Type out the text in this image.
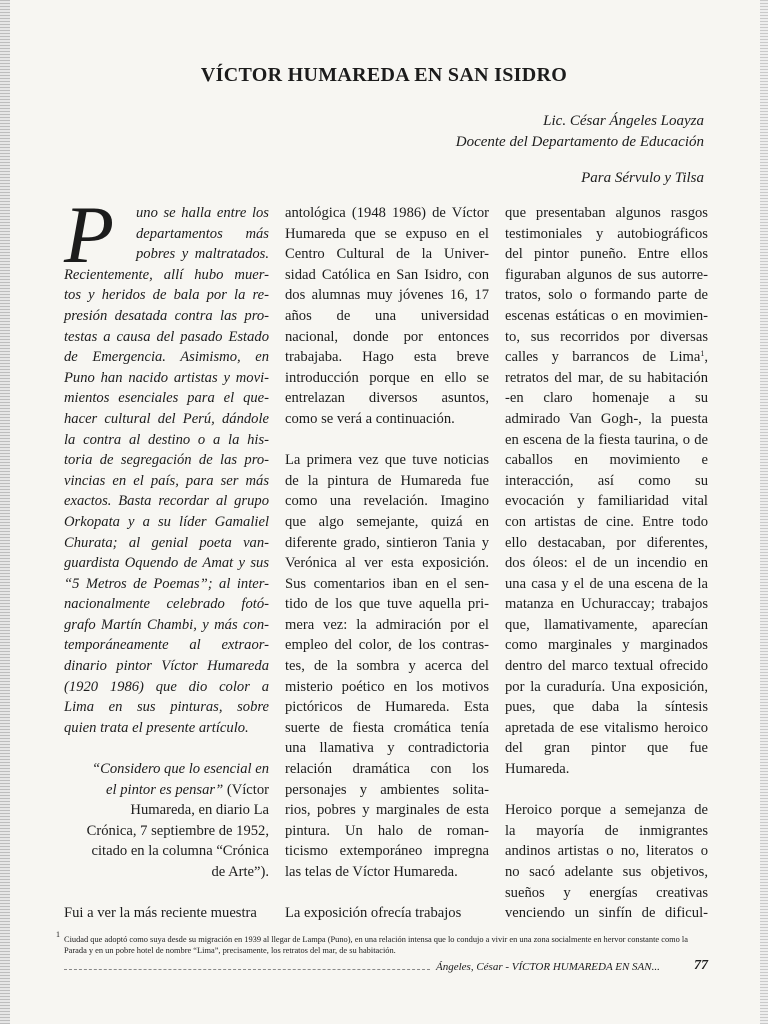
VÍCTOR HUMAREDA EN SAN ISIDRO
Lic. César Ángeles Loayza
Docente del Departamento de Educación
Para Sérvulo y Tilsa
P	uno se halla entre los
departamentos más
pobres y maltratados.
Recientemente, allí hubo muer-
tos y heridos de bala por la re-
presión desatada contra las pro-
testas a causa del pasado Estado
de Emergencia. Asimismo, en
Puno han nacido artistas y movi-
mientos esenciales para el que-
hacer cultural del Perú, dándole
la contra al destino o a la his-
toria de segregación de las pro-
vincias en el país, para ser más
exactos. Basta recordar al grupo
Orkopata y a su líder Gamaliel
Churata; al genial poeta van-
guardista Oquendo de Amat y sus
“5 Metros de Poemas”; al inter-
nacionalmente celebrado fotó-
grafo Martín Chambi, y más con-
temporáneamente al extraor-
dinario pintor Víctor Humareda
(1920 1986) que dio color a
Lima en sus pinturas, sobre
quien trata el presente artículo.
“Considero que lo esencial en
el pintor es pensar” (Víctor
Humareda, en diario La
Crónica, 7 septiembre de 1952,
citado en la columna “Crónica
de Arte”).
Fui a ver la más reciente muestra
antológica (1948 1986) de Víctor
Humareda que se expuso en el
Centro Cultural de la Univer-
sidad Católica en San Isidro, con
dos alumnas muy jóvenes 16, 17
años de una universidad
nacional, donde por entonces
trabajaba. Hago esta breve
introducción porque en ello se
entrelazan diversos asuntos,
como se verá a continuación.
La primera vez que tuve noticias
de la pintura de Humareda fue
como una revelación. Imagino
que algo semejante, quizá en
diferente grado, sintieron Tania y
Verónica al ver esta exposición.
Sus comentarios iban en el sen-
tido de los que tuve aquella pri-
mera vez: la admiración por el
empleo del color, de los contras-
tes, de la sombra y acerca del
misterio poético en los motivos
pictóricos de Humareda. Esta
suerte de fiesta cromática tenía
una llamativa y contradictoria
relación dramática con los
personajes y ambientes solita-
rios, pobres y marginales de esta
pintura. Un halo de roman-
ticismo extemporáneo impregna
las telas de Víctor Humareda.
La exposición ofrecía trabajos
que presentaban algunos rasgos
testimoniales y autobiográficos
del pintor puneño. Entre ellos
figuraban algunos de sus autorre-
tratos, solo o formando parte de
escenas estáticas o en movimien-
to, sus recorridos por diversas
calles y barrancos de Lima$^1$,
retratos del mar, de su habitación
-en claro homenaje a su
admirado Van Gogh-, la puesta
en escena de la fiesta taurina, o de
caballos en movimiento e
interacción, así como su
evocación y familiaridad vital
con artistas de cine. Entre todo
ello destacaban, por diferentes,
dos óleos: el de un incendio en
una casa y el de una escena de la
matanza en Uchuraccay; trabajos
que, llamativamente, aparecían
como marginales y marginados
dentro del marco textual ofrecido
por la curaduría. Una exposición,
pues, que daba la síntesis
apretada de ese vitalismo heroico
del gran pintor que fue
Humareda.
Heroico porque a semejanza de
la mayoría de inmigrantes
andinos artistas o no, literatos o
no sacó adelante sus objetivos,
sueños y energías creativas
venciendo un sinfín de dificul-
1
Ciudad que adoptó como suya desde su migración en 1939 al llegar de Lampa (Puno), en una relación intensa que lo condujo a vivir en una zona socialmente en hervor constante como la Parada y en un pobre hotel de nombre “Lima”, precisamente, los retratos del mar, de su habitación.
Ángeles, César - VÍCTOR HUMAREDA EN SAN... 77
